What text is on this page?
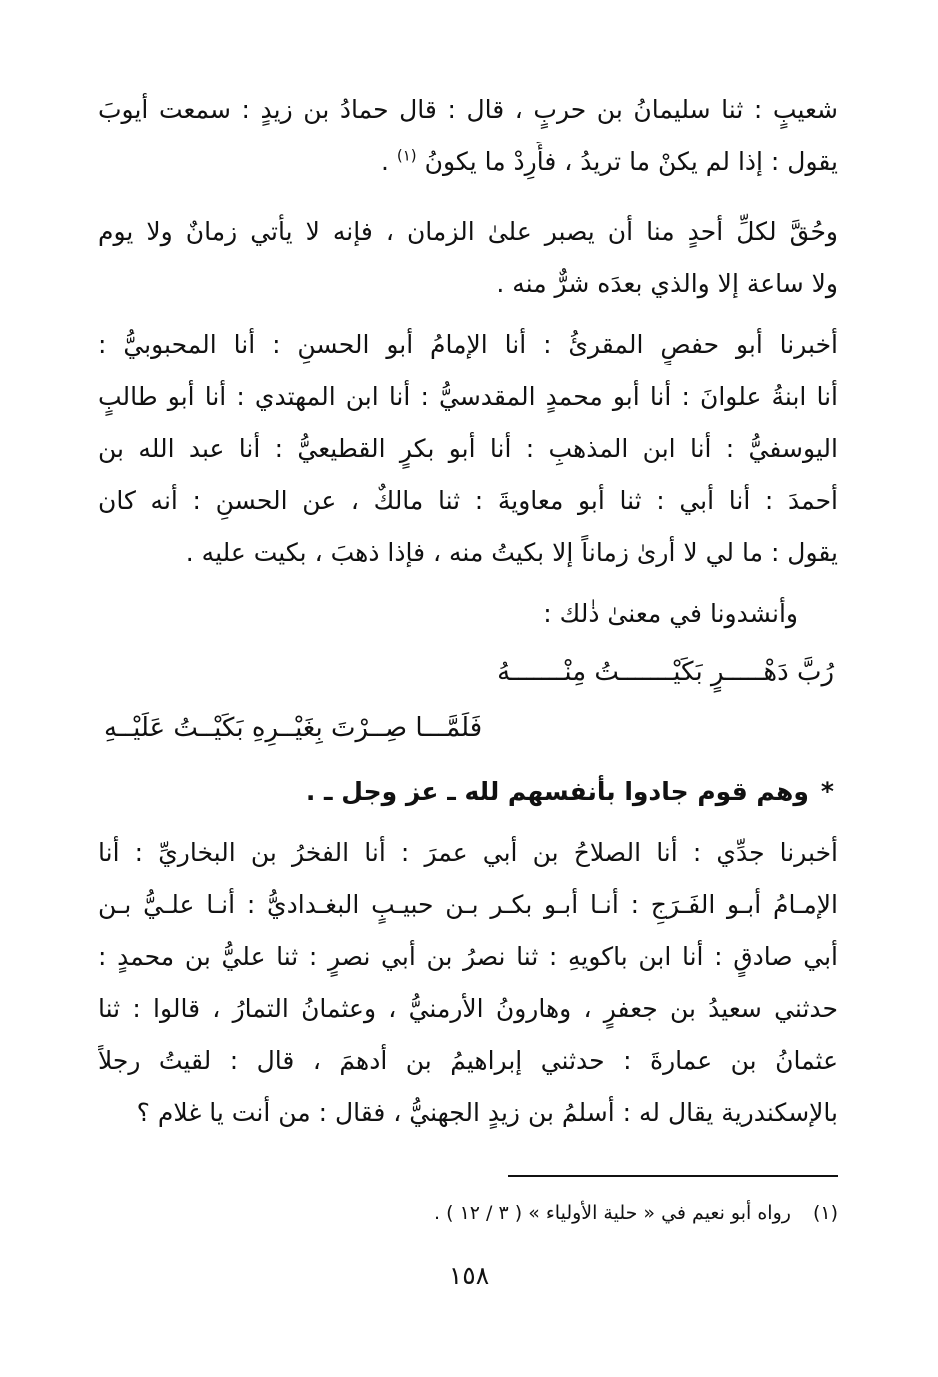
شعيبٍ : ثنا سليمانُ بن حربٍ ، قال : قال حمادُ بن زيدٍ : سمعت أيوبَ
يقول : إذا لم يكنْ ما تريدُ ، فأَرِدْ ما يكونُ $^{(١)}$ .
وحُقَّ لكلِّ أحدٍ منا أن يصبر علىٰ الزمان ، فإنه لا يأتي زمانٌ ولا يوم
ولا ساعة إلا والذي بعدَه شرٌّ منه .
أخبرنا أبو حفصٍ المقرئُ : أنا الإمامُ أبو الحسنِ : أنا المحبوبيُّ :
أنا ابنةُ علوانَ : أنا أبو محمدٍ المقدسيُّ : أنا ابن المهتدي : أنا أبو طالبٍ
اليوسفيُّ : أنا ابن المذهبِ : أنا أبو بكرٍ القطيعيُّ : أنا عبد الله بن
أحمدَ : أنا أبي : ثنا أبو معاويةَ : ثنا مالكٌ ، عن الحسنِ : أنه كان
يقول : ما لي لا أرىٰ زماناً إلا بكيتُ منه ، فإذا ذهبَ ، بكيت عليه .
وأنشدونا في معنىٰ ذٰلك :
رُبَّ دَهْـــــرٍ بَكَيْـــــــتُ مِنْـــــــهُ
فَلَمَّـــا صِــرْتَ بِغَيْــرِهِ بَكَيْــتُ عَلَيْــهِ
*وهم قوم جادوا بأنفسهم لله ـ عز وجل ـ .
أخبرنا جدِّي : أنا الصلاحُ بن أبي عمرَ : أنا الفخرُ بن البخاريِّ : أنا
الإمـامُ أبـو الفَـرَجِ : أنـا أبـو بكـر بـن حبيـبٍ البغـداديُّ : أنـا علـيُّ بـن
أبي صادقٍ : أنا ابن باكويهِ : ثنا نصرُ بن أبي نصرٍ : ثنا عليُّ بن محمدٍ :
حدثني سعيدُ بن جعفرٍ ، وهارونُ الأرمنيُّ ، وعثمانُ التمارُ ، قالوا : ثنا
عثمانُ بن عمارةَ : حدثني إبراهيمُ بن أدهمَ ، قال : لقيتُ رجلاً
بالإسكندرية يقال له : أسلمُ بن زيدٍ الجهنيُّ ، فقال : من أنت يا غلام ؟
(١)رواه أبو نعيم في « حلية الأولياء » ( ٣ / ١٢ ) .
١٥٨
